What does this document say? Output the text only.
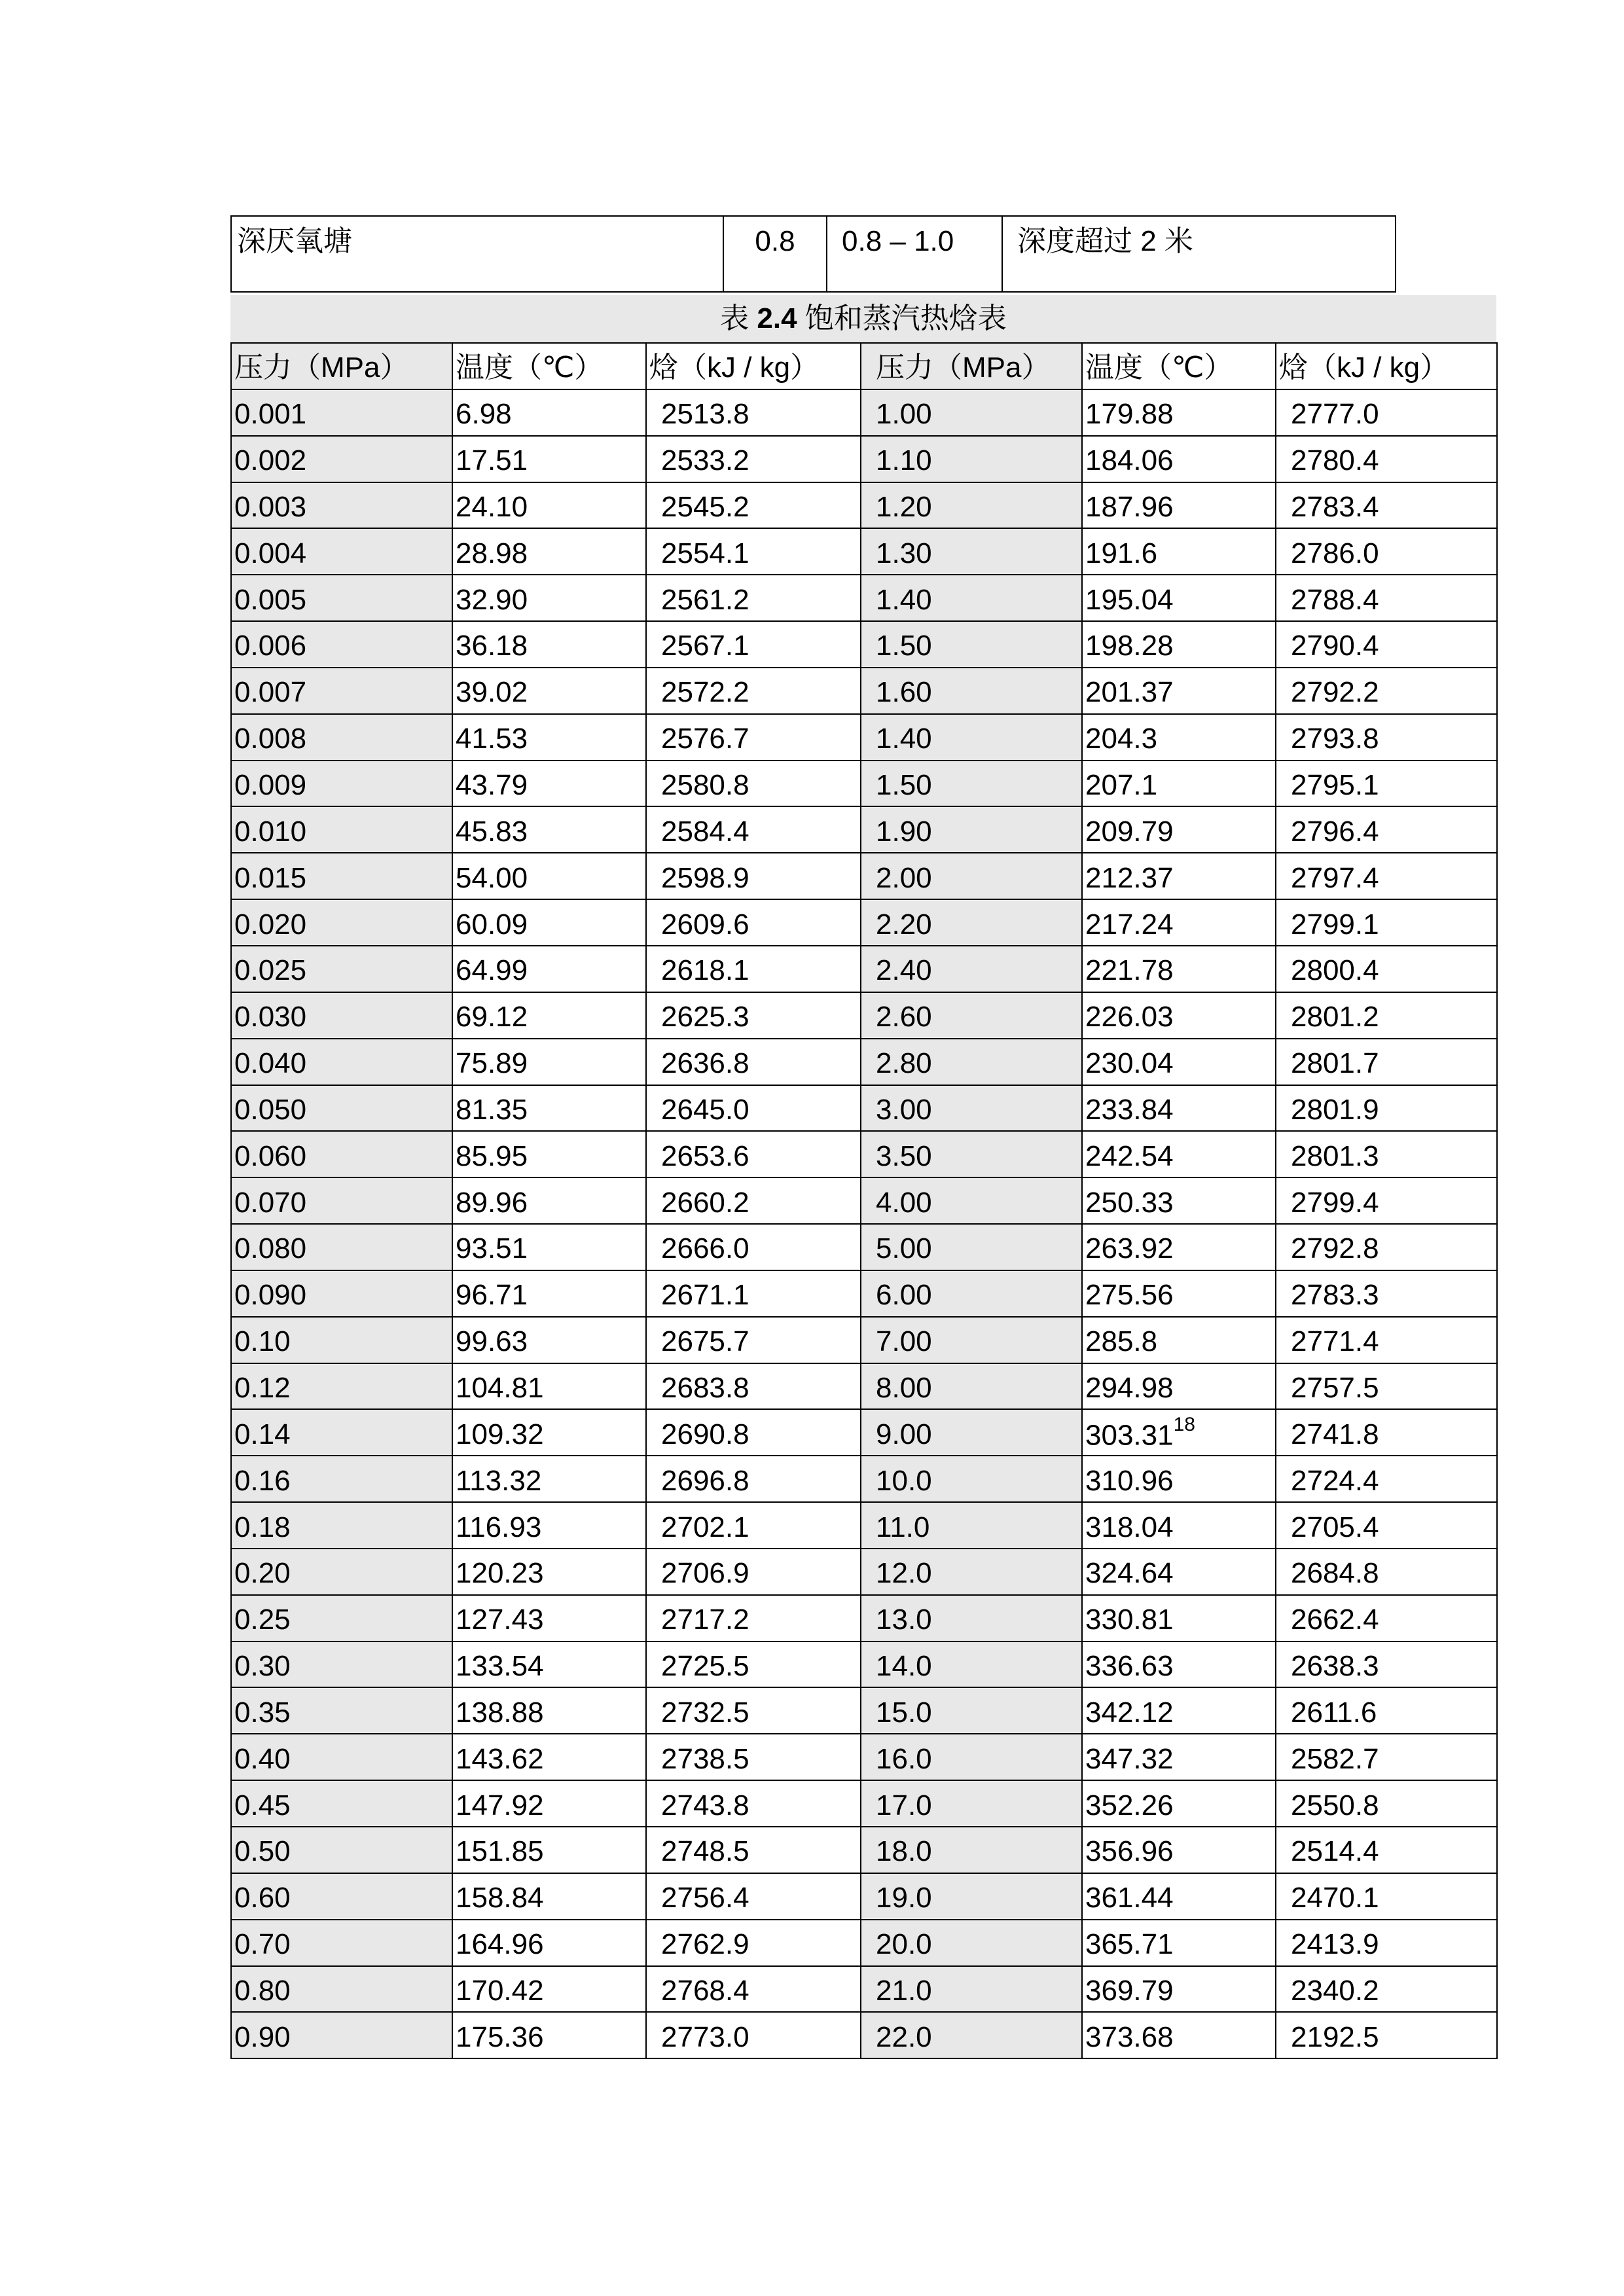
深厌氧塘	0.8	0.8 – 1.0	深度超过 2 米
表 2.4 饱和蒸汽热焓表
压力（MPa）	温度（℃）	焓（kJ / kg）	压力（MPa）	温度（℃）	焓（kJ / kg）
0.001	6.98	2513.8	1.00	179.88	2777.0
0.002	17.51	2533.2	1.10	184.06	2780.4
0.003	24.10	2545.2	1.20	187.96	2783.4
0.004	28.98	2554.1	1.30	191.6	2786.0
0.005	32.90	2561.2	1.40	195.04	2788.4
0.006	36.18	2567.1	1.50	198.28	2790.4
0.007	39.02	2572.2	1.60	201.37	2792.2
0.008	41.53	2576.7	1.40	204.3	2793.8
0.009	43.79	2580.8	1.50	207.1	2795.1
0.010	45.83	2584.4	1.90	209.79	2796.4
0.015	54.00	2598.9	2.00	212.37	2797.4
0.020	60.09	2609.6	2.20	217.24	2799.1
0.025	64.99	2618.1	2.40	221.78	2800.4
0.030	69.12	2625.3	2.60	226.03	2801.2
0.040	75.89	2636.8	2.80	230.04	2801.7
0.050	81.35	2645.0	3.00	233.84	2801.9
0.060	85.95	2653.6	3.50	242.54	2801.3
0.070	89.96	2660.2	4.00	250.33	2799.4
0.080	93.51	2666.0	5.00	263.92	2792.8
0.090	96.71	2671.1	6.00	275.56	2783.3
0.10	99.63	2675.7	7.00	285.8	2771.4
0.12	104.81	2683.8	8.00	294.98	2757.5
0.14	109.32	2690.8	9.00	303.31$^{18}$	2741.8
0.16	113.32	2696.8	10.0	310.96	2724.4
0.18	116.93	2702.1	11.0	318.04	2705.4
0.20	120.23	2706.9	12.0	324.64	2684.8
0.25	127.43	2717.2	13.0	330.81	2662.4
0.30	133.54	2725.5	14.0	336.63	2638.3
0.35	138.88	2732.5	15.0	342.12	2611.6
0.40	143.62	2738.5	16.0	347.32	2582.7
0.45	147.92	2743.8	17.0	352.26	2550.8
0.50	151.85	2748.5	18.0	356.96	2514.4
0.60	158.84	2756.4	19.0	361.44	2470.1
0.70	164.96	2762.9	20.0	365.71	2413.9
0.80	170.42	2768.4	21.0	369.79	2340.2
0.90	175.36	2773.0	22.0	373.68	2192.5
